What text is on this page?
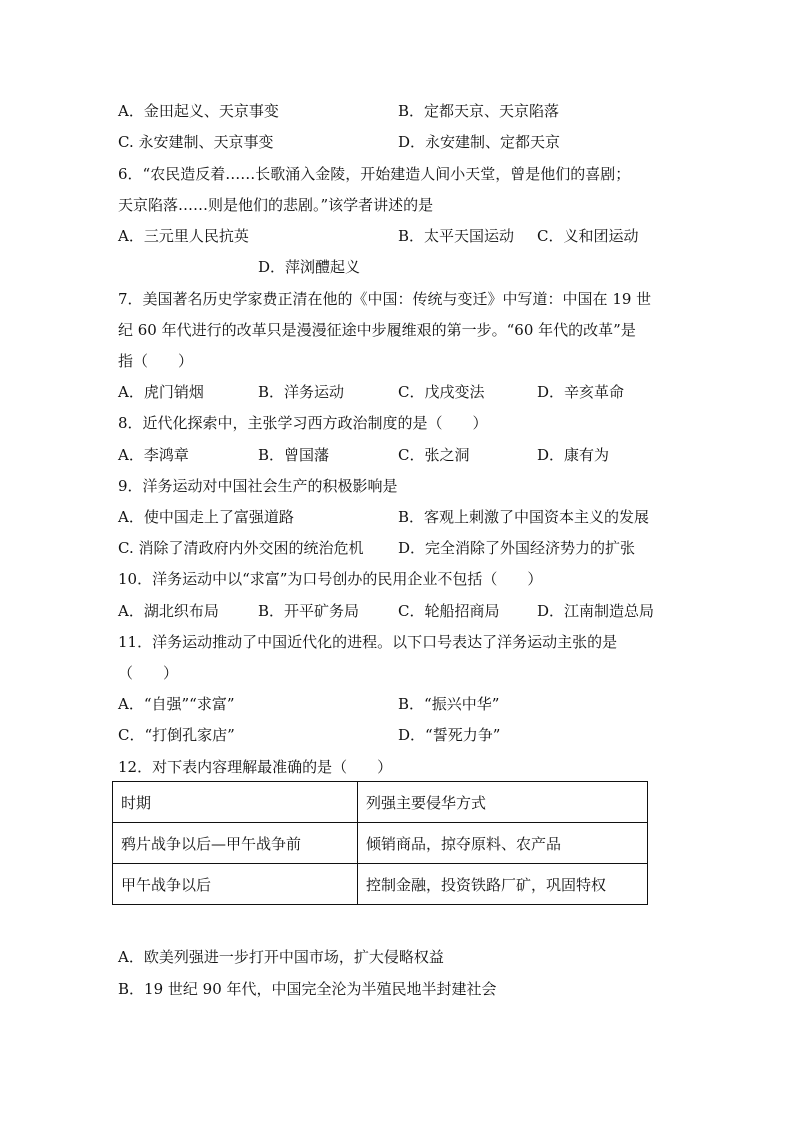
A．金田起义、天京事变	B．定都天京、天京陷落
C. 永安建制、天京事变	D．永安建制、定都天京
6．“农民造反着……长歌涌入金陵，开始建造人间小天堂，曾是他们的喜剧；
天京陷落……则是他们的悲剧。”该学者讲述的是
A．三元里人民抗英	B．太平天国运动 C．义和团运动
D．萍浏醴起义
7．美国著名历史学家费正清在他的《中国：传统与变迁》中写道：中国在 19 世
纪 60 年代进行的改革只是漫漫征途中步履维艰的第一步。“60 年代的改革”是
指（　　）
A．虎门销烟	B．洋务运动	C．戊戌变法	D．辛亥革命
8．近代化探索中，主张学习西方政治制度的是（　　）
A．李鸿章	B．曾国藩	C．张之洞	D．康有为
9．洋务运动对中国社会生产的积极影响是
A．使中国走上了富强道路	B．客观上刺激了中国资本主义的发展
C. 消除了清政府内外交困的统治危机 D．完全消除了外国经济势力的扩张
10．洋务运动中以“求富”为口号创办的民用企业不包括（　　）
A．湖北织布局	B．开平矿务局	C．轮船招商局	D．江南制造总局
11．洋务运动推动了中国近代化的进程。以下口号表达了洋务运动主张的是
（　　）
A．“自强”“求富”	B．“振兴中华”
C．“打倒孔家店”	D．“誓死力争”
12．对下表内容理解最准确的是（　　）
时期	列强主要侵华方式
鸦片战争以后—甲午战争前	倾销商品，掠夺原料、农产品
甲午战争以后	控制金融，投资铁路厂矿，巩固特权
A．欧美列强进一步打开中国市场，扩大侵略权益
B．19 世纪 90 年代，中国完全沦为半殖民地半封建社会
